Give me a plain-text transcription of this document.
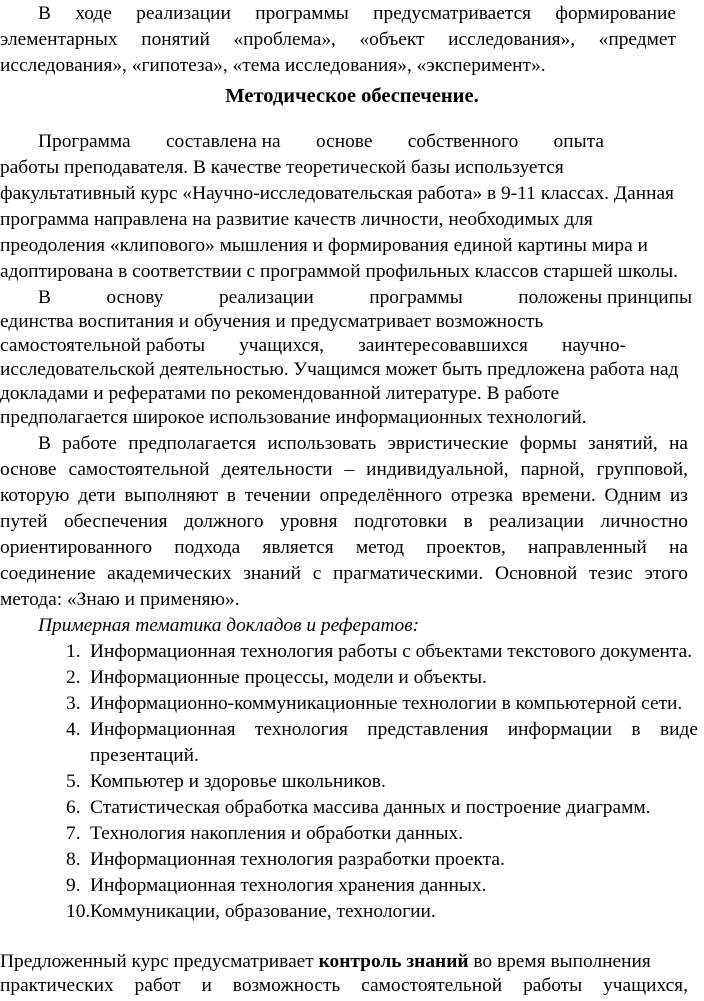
В ходе реализации программы предусматривается формирование
элементарных понятий «проблема», «объект исследования», «предмет
исследования», «гипотеза», «тема исследования», «эксперимент».
Методическое обеспечение.
Программа составлена на основе собственного опыта
работы преподавателя. В качестве теоретической базы используется
факультативный курс «Научно-исследовательская работа» в 9-11 классах. Данная
программа направлена на развитие качеств личности, необходимых для
преодоления «клипового» мышления и формирования единой картины мира и
адоптирована в соответствии с программой профильных классов старшей школы.
В	основу	реализации	программы	положены принципы
единства воспитания и обучения и предусматривает возможность
самостоятельной работы учащихся, заинтересовавшихся научно-
исследовательской деятельностью. Учащимся может быть предложена работа над
докладами и рефератами по рекомендованной литературе. В работе
предполагается широкое использование информационных технологий.
В работе предполагается использовать эвристические формы занятий, на
основе самостоятельной деятельности – индивидуальной, парной, групповой,
которую дети выполняют в течении определённого отрезка времени. Одним из
путей обеспечения должного уровня подготовки в реализации личностно
ориентированного подхода является метод проектов, направленный на
соединение академических знаний с прагматическими. Основной тезис этого
метода: «Знаю и применяю».
Примерная тематика докладов и рефератов:
1. Информационная технология работы с объектами текстового документа.
2. Информационные процессы, модели и объекты.
3. Информационно-коммуникационные технологии в компьютерной сети.
4. Информационная технология представления информации в виде
презентаций.
5. Компьютер и здоровье школьников.
6. Статистическая обработка массива данных и построение диаграмм.
7. Технология накопления и обработки данных.
8. Информационная технология разработки проекта.
9. Информационная технология хранения данных.
10. Коммуникации, образование, технологии.
Предложенный курс предусматривает контроль знаний во время выполнения
практических работ и возможность самостоятельной работы учащихся,
